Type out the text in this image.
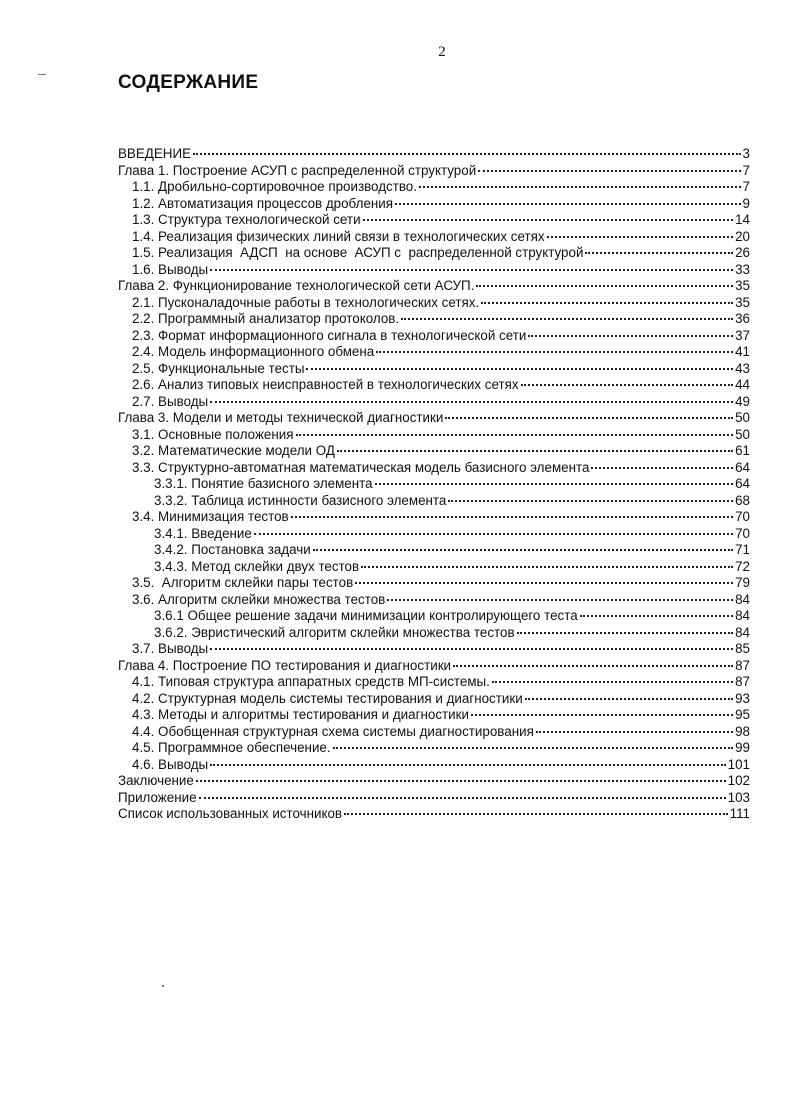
2
СОДЕРЖАНИЕ
ВВЕДЕНИЕ	3
Глава 1. Построение АСУП с распределенной структурой	7
1.1. Дробильно-сортировочное производство.	7
1.2. Автоматизация процессов дробления	9
1.3. Структура технологической сети	14
1.4. Реализация физических линий связи в технологических сетях	20
1.5. Реализация  АДСП  на основе  АСУП с  распределенной структурой	26
1.6. Выводы	33
Глава 2. Функционирование технологической сети АСУП.	35
2.1. Пусконаладочные работы в технологических сетях.	35
2.2. Программный анализатор протоколов.	36
2.3. Формат информационного сигнала в технологической сети	37
2.4. Модель информационного обмена	41
2.5. Функциональные тесты	43
2.6. Анализ типовых неисправностей в технологических сетях	44
2.7. Выводы	49
Глава 3. Модели и методы технической диагностики	50
3.1. Основные положения	50
3.2. Математические модели ОД	61
3.3. Структурно-автоматная математическая модель базисного элемента	64
3.3.1. Понятие базисного элемента	64
3.3.2. Таблица истинности базисного элемента	68
3.4. Минимизация тестов	70
3.4.1. Введение	70
3.4.2. Постановка задачи	71
3.4.3. Метод склейки двух тестов	72
3.5.  Алгоритм склейки пары тестов	79
3.6. Алгоритм склейки множества тестов	84
3.6.1 Общее решение задачи минимизации контролирующего теста	84
3.6.2. Эвристический алгоритм склейки множества тестов	84
3.7. Выводы	85
Глава 4. Построение ПО тестирования и диагностики	87
4.1. Типовая структура аппаратных средств МП-системы.	87
4.2. Структурная модель системы тестирования и диагностики	93
4.3. Методы и алгоритмы тестирования и диагностики	95
4.4. Обобщенная структурная схема системы диагностирования	98
4.5. Программное обеспечение.	99
4.6. Выводы	101
Заключение	102
Приложение	103
Список использованных источников	111
